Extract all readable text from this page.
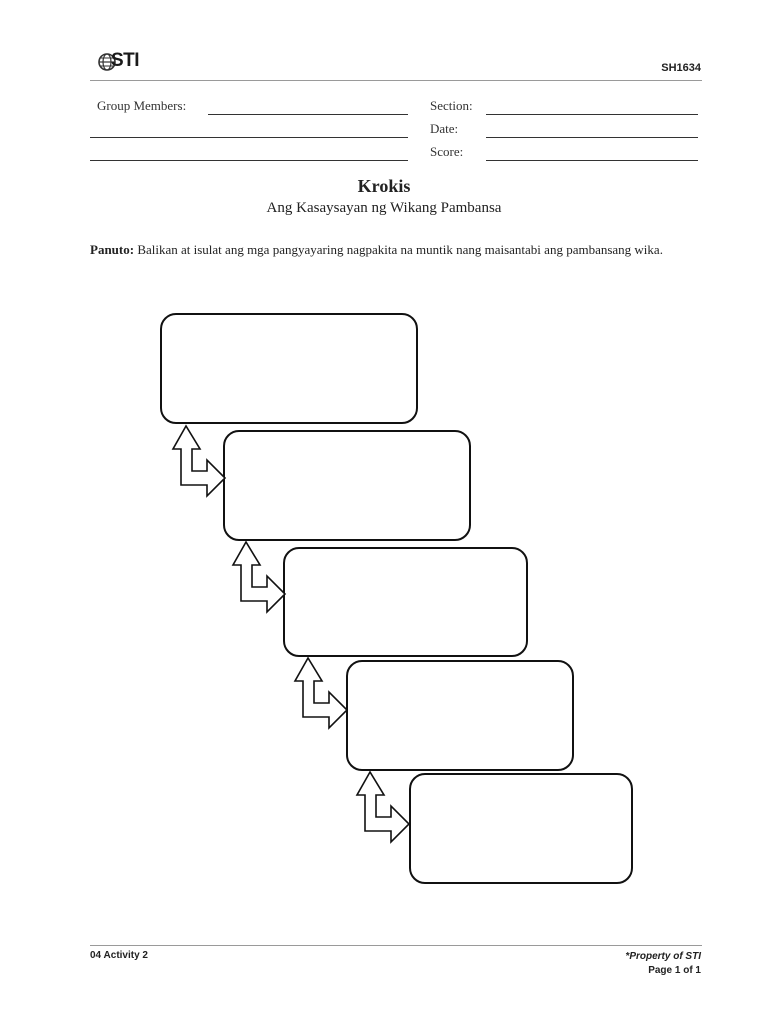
STI	SH1634
Group Members:	Section:
Date:
Score:
Krokis
Ang Kasaysayan ng Wikang Pambansa
Panuto: Balikan at isulat ang mga pangyayaring nagpakita na muntik nang maisantabi ang pambansang wika.
04 Activity 2	*Property of STI
Page 1 of 1
